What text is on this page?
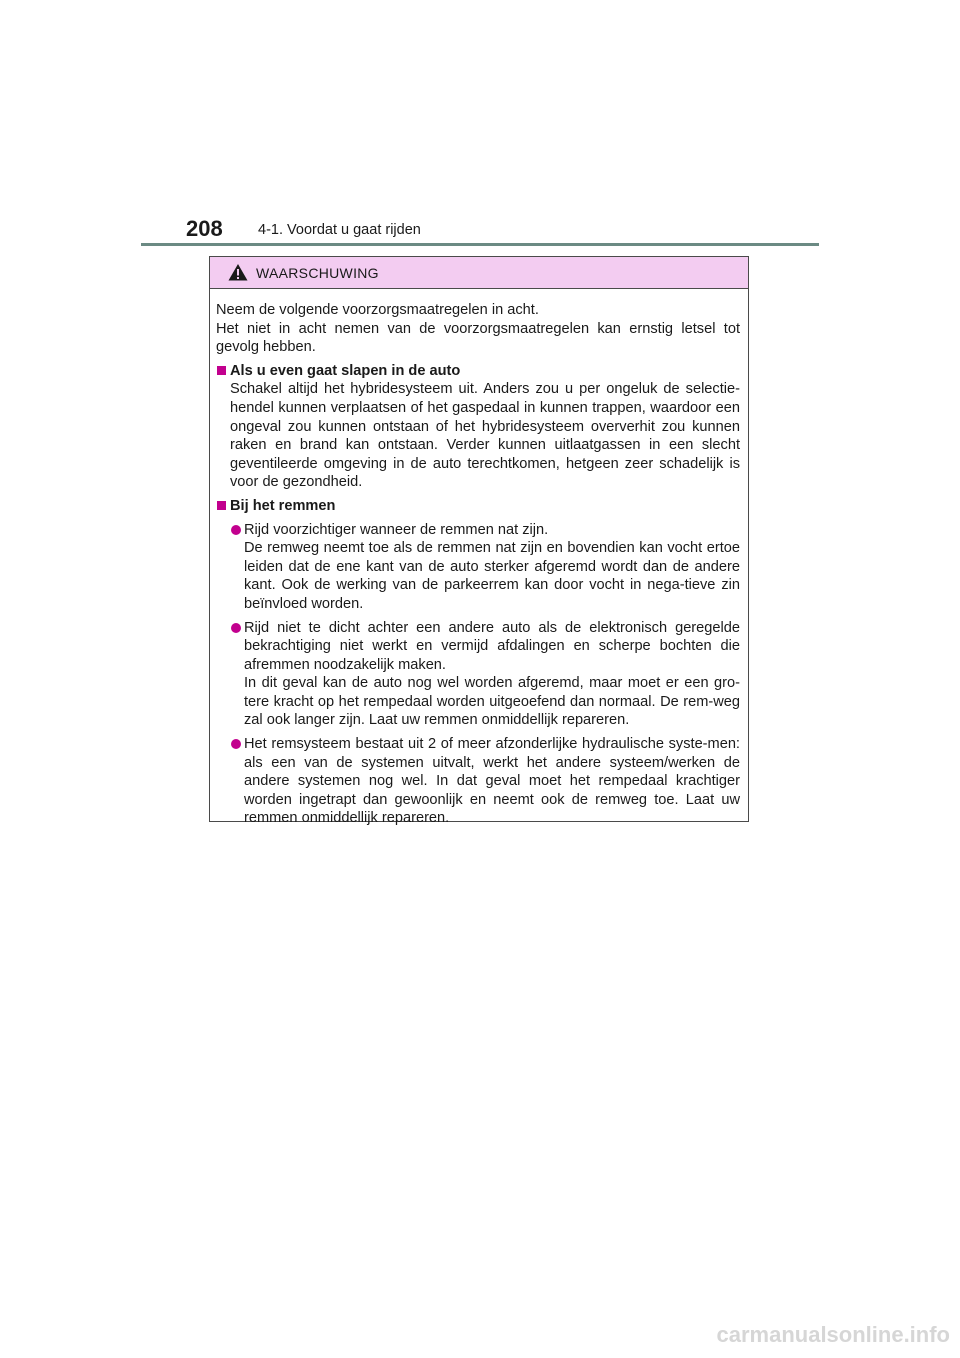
208 4-1. Voordat u gaat rijden
WAARSCHUWING

Neem de volgende voorzorgsmaatregelen in acht.

Het niet in acht nemen van de voorzorgsmaatregelen kan ernstig letsel tot gevolg hebben.

Als u even gaat slapen in de auto

Schakel altijd het hybridesysteem uit. Anders zou u per ongeluk de selectie-hendel kunnen verplaatsen of het gaspedaal in kunnen trappen, waardoor een ongeval zou kunnen ontstaan of het hybridesysteem oververhit zou kunnen raken en brand kan ontstaan. Verder kunnen uitlaatgassen in een slecht geventileerde omgeving in de auto terechtkomen, hetgeen zeer schadelijk is voor de gezondheid.

Bij het remmen

Rijd voorzichtiger wanneer de remmen nat zijn.

De remweg neemt toe als de remmen nat zijn en bovendien kan vocht ertoe leiden dat de ene kant van de auto sterker afgeremd wordt dan de andere kant. Ook de werking van de parkeerrem kan door vocht in nega-tieve zin beïnvloed worden.

Rijd niet te dicht achter een andere auto als de elektronisch geregelde bekrachtiging niet werkt en vermijd afdalingen en scherpe bochten die afremmen noodzakelijk maken.

In dit geval kan de auto nog wel worden afgeremd, maar moet er een gro-tere kracht op het rempedaal worden uitgeoefend dan normaal. De rem-weg zal ook langer zijn. Laat uw remmen onmiddellijk repareren.

Het remsysteem bestaat uit 2 of meer afzonderlijke hydraulische syste-men: als een van de systemen uitvalt, werkt het andere systeem/werken de andere systemen nog wel. In dat geval moet het rempedaal krachtiger worden ingetrapt dan gewoonlijk en neemt ook de remweg toe. Laat uw remmen onmiddellijk repareren.

carmanualsonline.info
